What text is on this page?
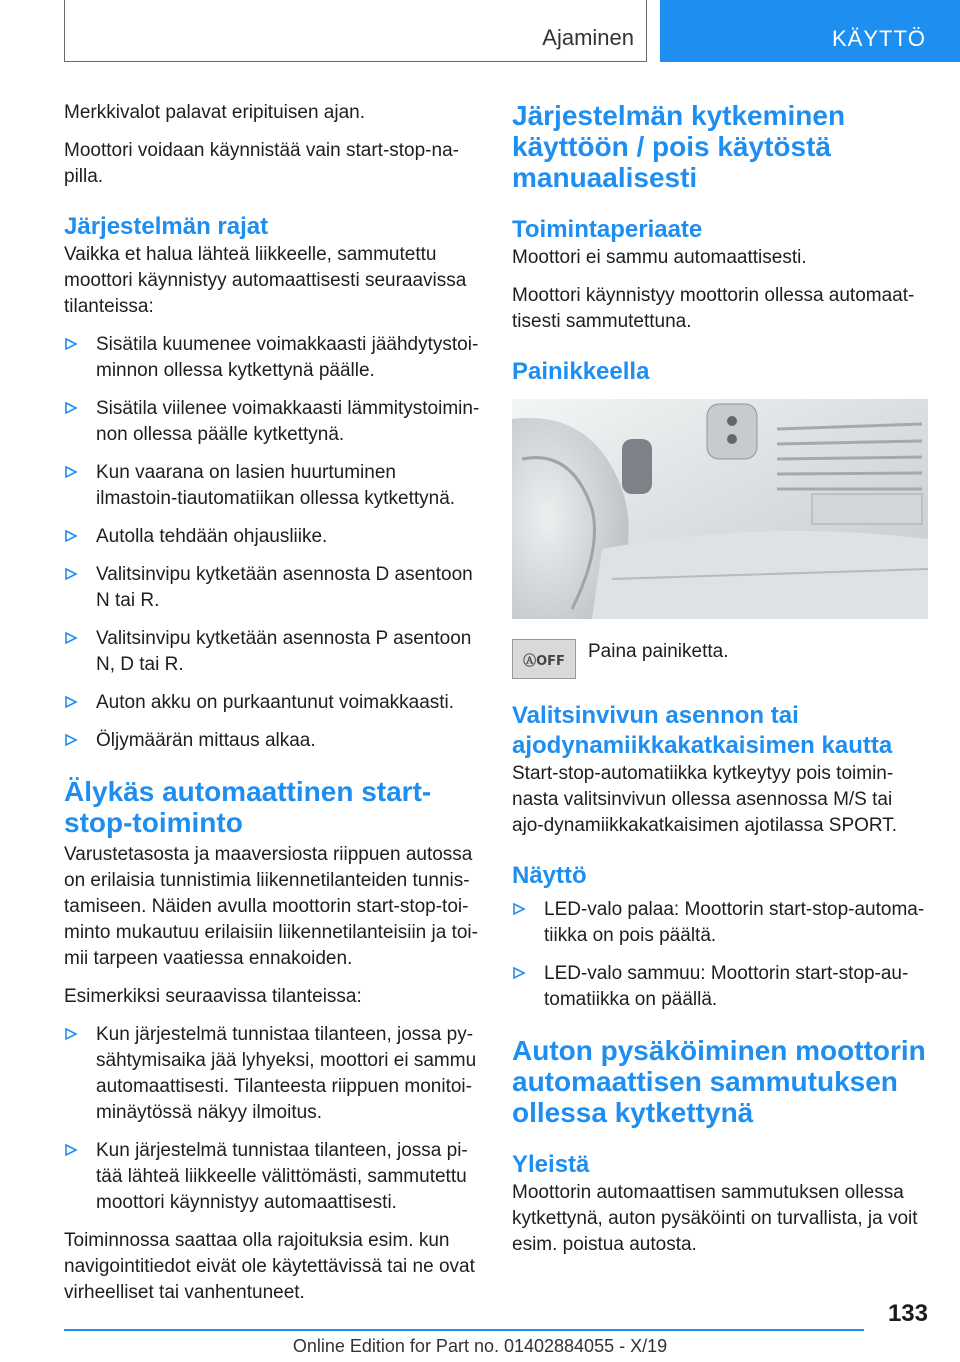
Ajaminen	KÄYTTÖ

Merkkivalot palavat eripituisen ajan.

Moottori voidaan käynnistää vain start-stop-na-pilla.

Järjestelmän rajat

Vaikka et halua lähteä liikkeelle, sammutettu moottori käynnistyy automaattisesti seuraavissa tilanteissa:

Sisätila kuumenee voimakkaasti jäähdytystoi-minnon ollessa kytkettynä päälle.
Sisätila viilenee voimakkaasti lämmitystoimin-non ollessa päälle kytkettynä.
Kun vaarana on lasien huurtuminen ilmastoin-tiautomatiikan ollessa kytkettynä.
Autolla tehdään ohjausliike.
Valitsinvipu kytketään asennosta D asentoon N tai R.
Valitsinvipu kytketään asennosta P asentoon N, D tai R.
Auton akku on purkaantunut voimakkaasti.
Öljymäärän mittaus alkaa.
Älykäs automaattinen start-stop-toiminto

Varustetasosta ja maaversiosta riippuen autossa on erilaisia tunnistimia liikennetilanteiden tunnis-tamiseen. Näiden avulla moottorin start-stop-toi-minto mukautuu erilaisiin liikennetilanteisiin ja toi-mii tarpeen vaatiessa ennakoiden.

Esimerkiksi seuraavissa tilanteissa:

Kun järjestelmä tunnistaa tilanteen, jossa py-sähtymisaika jää lyhyeksi, moottori ei sammu automaattisesti. Tilanteesta riippuen monitoi-minäytössä näkyy ilmoitus.
Kun järjestelmä tunnistaa tilanteen, jossa pi-tää lähteä liikkeelle välittömästi, sammutettu moottori käynnistyy automaattisesti.

Toiminnossa saattaa olla rajoituksia esim. kun navigointitiedot eivät ole käytettävissä tai ne ovat virheelliset tai vanhentuneet.

Järjestelmän kytkeminen käyttöön / pois käytöstä manuaalisesti
Toimintaperiaate

Moottori ei sammu automaattisesti.

Moottori käynnistyy moottorin ollessa automaat-tisesti sammutettuna.

Painikkeella
ⒶOFF Paina painiketta.

Valitsinvivun asennon tai ajodynamiikkakatkaisimen kautta

Start-stop-automatiikka kytkeytyy pois toimin-nasta valitsinvivun ollessa asennossa M/S tai ajo-dynamiikkakatkaisimen ajotilassa SPORT.

Näyttö
LED-valo palaa: Moottorin start-stop-automa-tiikka on pois päältä.
LED-valo sammuu: Moottorin start-stop-au-tomatiikka on päällä.
Auton pysäköiminen moottorin automaattisen sammutuksen ollessa kytkettynä
Yleistä

Moottorin automaattisen sammutuksen ollessa kytkettynä, auton pysäköinti on turvallista, ja voit esim. poistua autosta.

133
Online Edition for Part no. 01402884055 - X/19
